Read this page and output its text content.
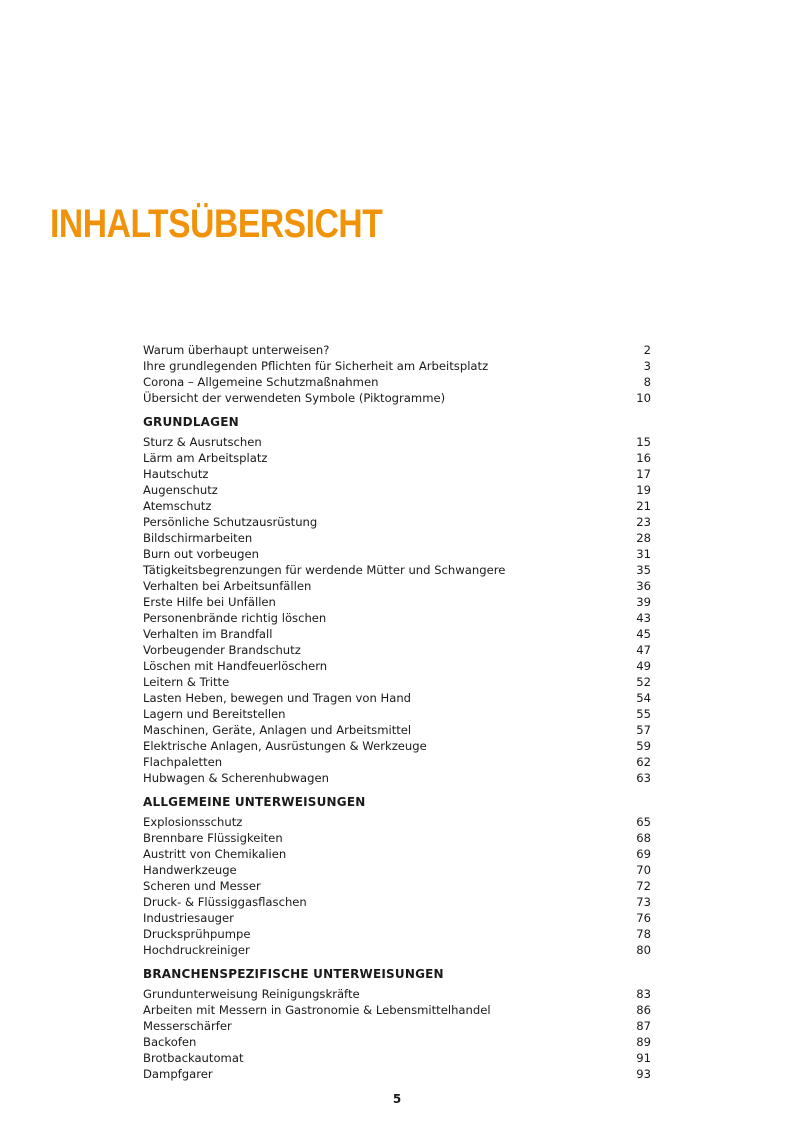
INHALTSÜBERSICHT
Warum überhaupt unterweisen?	2
Ihre grundlegenden Pflichten für Sicherheit am Arbeitsplatz	3
Corona – Allgemeine Schutzmaßnahmen	8
Übersicht der verwendeten Symbole (Piktogramme)	10
GRUNDLAGEN
Sturz & Ausrutschen	15
Lärm am Arbeitsplatz	16
Hautschutz	17
Augenschutz	19
Atemschutz	21
Persönliche Schutzausrüstung	23
Bildschirmarbeiten	28
Burn out vorbeugen	31
Tätigkeitsbegrenzungen für werdende Mütter und Schwangere	35
Verhalten bei Arbeitsunfällen	36
Erste Hilfe bei Unfällen	39
Personenbrände richtig löschen	43
Verhalten im Brandfall	45
Vorbeugender Brandschutz	47
Löschen mit Handfeuerlöschern	49
Leitern & Tritte	52
Lasten Heben, bewegen und Tragen von Hand	54
Lagern und Bereitstellen	55
Maschinen, Geräte, Anlagen und Arbeitsmittel	57
Elektrische Anlagen, Ausrüstungen & Werkzeuge	59
Flachpaletten	62
Hubwagen & Scherenhubwagen	63
ALLGEMEINE UNTERWEISUNGEN
Explosionsschutz	65
Brennbare Flüssigkeiten	68
Austritt von Chemikalien	69
Handwerkzeuge	70
Scheren und Messer	72
Druck- & Flüssiggasflaschen	73
Industriesauger	76
Drucksprühpumpe	78
Hochdruckreiniger	80
BRANCHENSPEZIFISCHE UNTERWEISUNGEN
Grundunterweisung Reinigungskräfte	83
Arbeiten mit Messern in Gastronomie & Lebensmittelhandel	86
Messerschärfer	87
Backofen	89
Brotbackautomat	91
Dampfgarer	93
5
